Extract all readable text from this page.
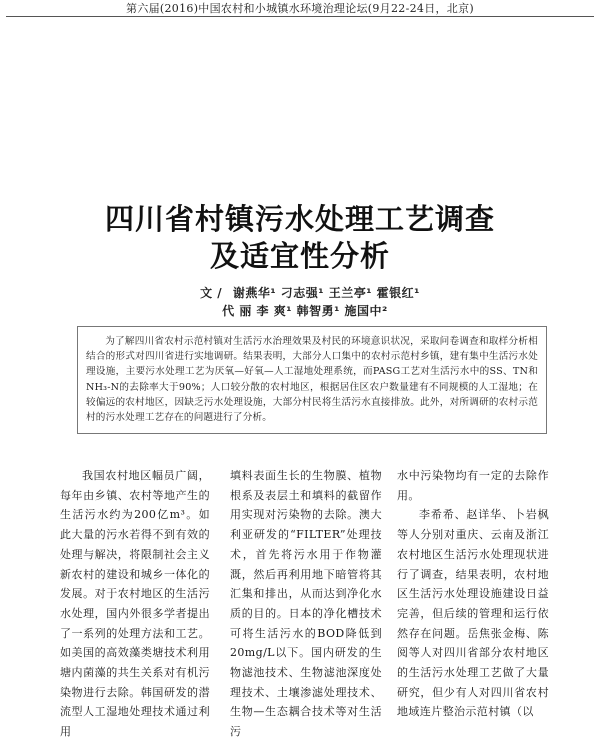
第六届(2016)中国农村和小城镇水环境治理论坛(9月22-24日，北京)
四川省村镇污水处理工艺调查
及适宜性分析
文 / 谢燕华¹ 刁志强¹ 王兰亭¹ 霍银红¹
代 丽 李 爽¹ 韩智勇¹ 施国中²
为了解四川省农村示范村镇对生活污水治理效果及村民的环境意识状况，采取问卷调查和取样分析相结合的形式对四川省进行实地调研。结果表明，大部分人口集中的农村示范村乡镇，建有集中生活污水处理设施，主要污水处理工艺为厌氧—好氧—人工湿地处理系统，而PASG工艺对生活污水中的SS、TN和NH₃-N的去除率大于90%；人口较分散的农村地区，根据居住区农户数量建有不同规模的人工湿地；在较偏远的农村地区，因缺乏污水处理设施，大部分村民将生活污水直接排放。此外，对所调研的农村示范村的污水处理工艺存在的问题进行了分析。
我国农村地区幅员广阔，每年由乡镇、农村等地产生的生活污水约为200亿m³。如此大量的污水若得不到有效的处理与解决，将限制社会主义新农村的建设和城乡一体化的发展。对于农村地区的生活污水处理，国内外很多学者提出了一系列的处理方法和工艺。如美国的高效藻类塘技术利用塘内菌藻的共生关系对有机污染物进行去除。韩国研发的潜流型人工湿地处理技术通过利用
填料表面生长的生物膜、植物根系及表层土和填料的截留作用实现对污染物的去除。澳大利亚研发的“FILTER”处理技术，首先将污水用于作物灌溉，然后再利用地下暗管将其汇集和排出，从而达到净化水质的目的。日本的净化槽技术可将生活污水的BOD降低到20mg/L以下。国内研发的生物滤池技术、生物滤池深度处理技术、土壤渗滤处理技术、生物—生态耦合技术等对生活污
水中污染物均有一定的去除作用。
李希希、赵详华、卜岩枫等人分别对重庆、云南及浙江农村地区生活污水处理现状进行了调查，结果表明，农村地区生活污水处理设施建设日益完善，但后续的管理和运行依然存在问题。岳焦张金梅、陈阅等人对四川省部分农村地区的生活污水处理工艺做了大量研究，但少有人对四川省农村地域连片整治示范村镇（以
